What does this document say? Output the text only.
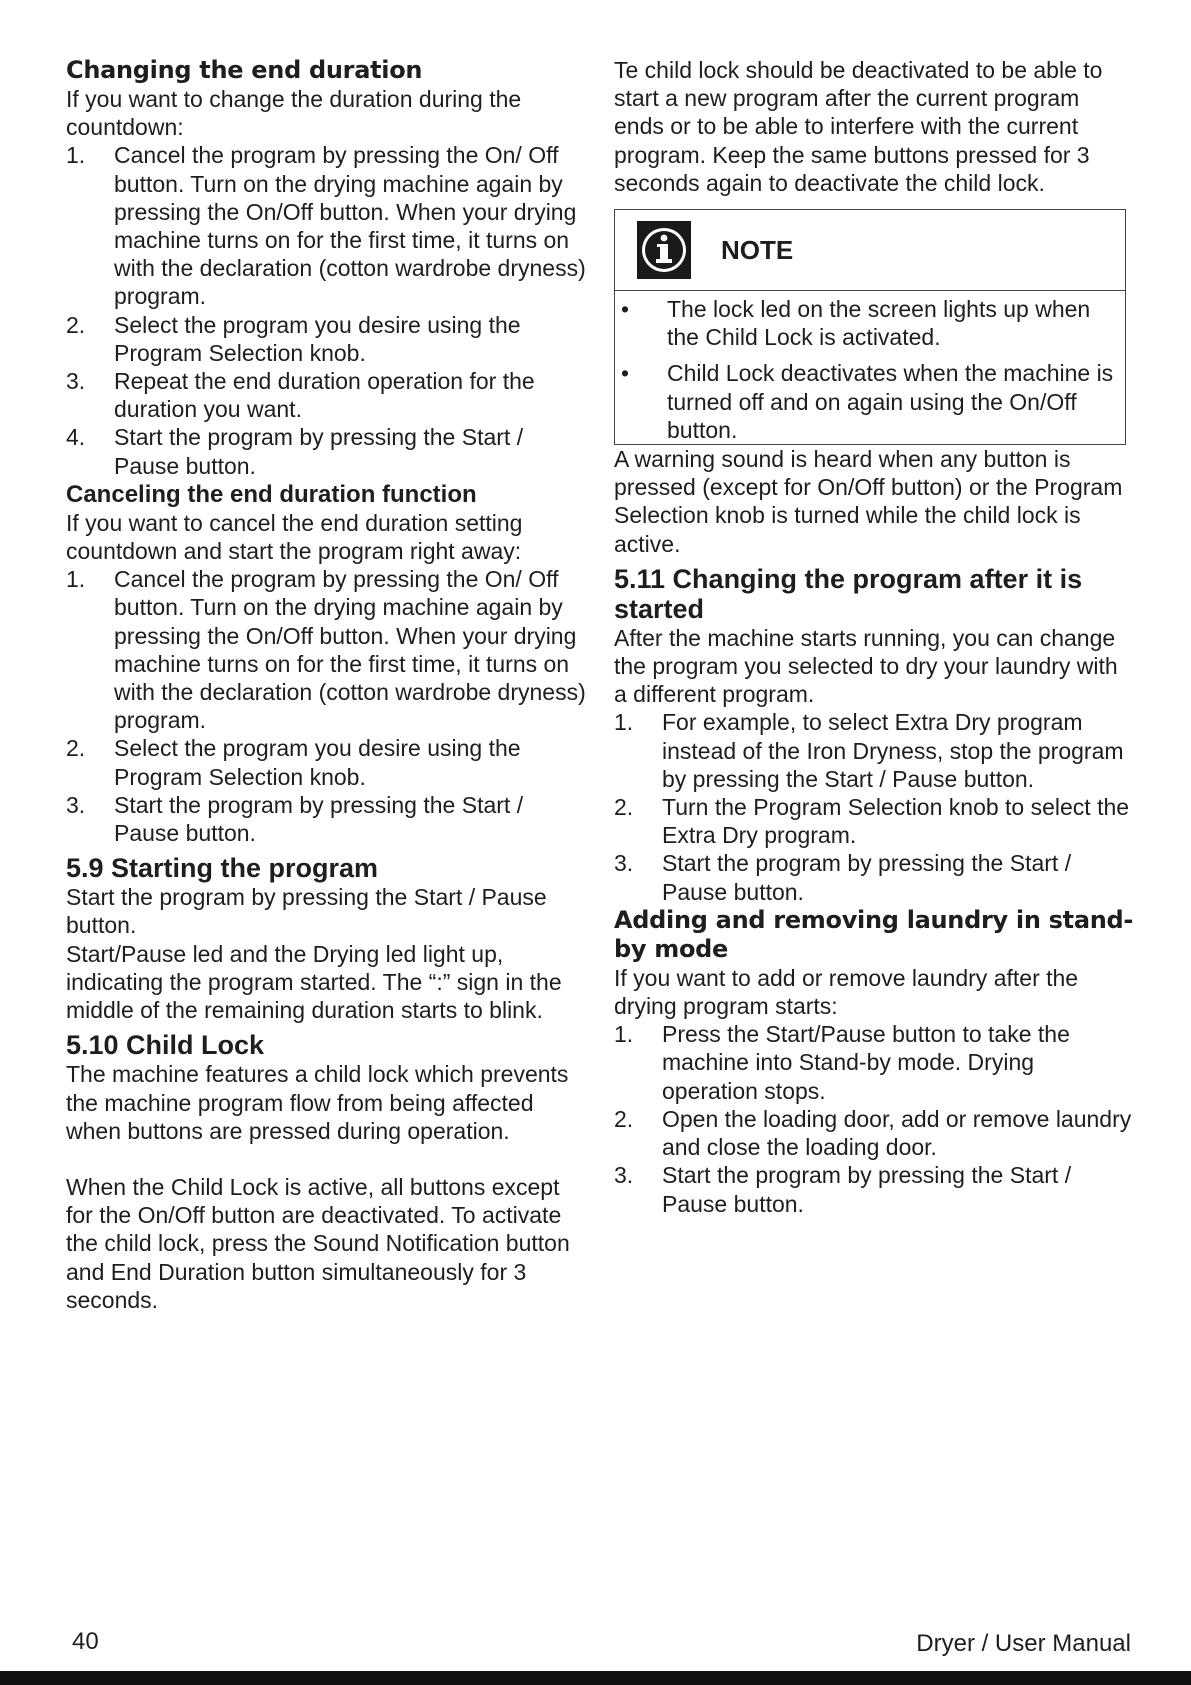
Changing the end duration

If you want to change the duration during the countdown:

1. Cancel the program by pressing the On/ Off button. Turn on the drying machine again by pressing the On/Off button. When your drying machine turns on for the first time, it turns on with the declaration (cotton wardrobe dryness) program.
2. Select the program you desire using the Program Selection knob.
3. Repeat the end duration operation for the duration you want.
4. Start the program by pressing the Start / Pause button.
Canceling the end duration function

If you want to cancel the end duration setting countdown and start the program right away:

1. Cancel the program by pressing the On/ Off button. Turn on the drying machine again by pressing the On/Off button. When your drying machine turns on for the first time, it turns on with the declaration (cotton wardrobe dryness) program.
2. Select the program you desire using the Program Selection knob.
3. Start the program by pressing the Start / Pause button.
5.9 Starting the program

Start the program by pressing the Start / Pause button.

Start/Pause led and the Drying led light up, indicating the program started. The “:” sign in the middle of the remaining duration starts to blink.

5.10 Child Lock

The machine features a child lock which prevents the machine program flow from being affected when buttons are pressed during operation.

When the Child Lock is active, all buttons except for the On/Off button are deactivated. To activate the child lock, press the Sound Notification button and End Duration button simultaneously for 3 seconds.

Te child lock should be deactivated to be able to start a new program after the current program ends or to be able to interfere with the current program. Keep the same buttons pressed for 3 seconds again to deactivate the child lock.

NOTE
• The lock led on the screen lights up when the Child Lock is activated.
• Child Lock deactivates when the machine is turned off and on again using the On/Off button.

A warning sound is heard when any button is pressed (except for On/Off button) or the Program Selection knob is turned while the child lock is active.

5.11 Changing the program after it is started

After the machine starts running, you can change the program you selected to dry your laundry with a different program.

1. For example, to select Extra Dry program instead of the Iron Dryness, stop the program by pressing the Start / Pause button.
2. Turn the Program Selection knob to select the Extra Dry program.
3. Start the program by pressing the Start / Pause button.
Adding and removing laundry in stand-by mode

If you want to add or remove laundry after the drying program starts:

1. Press the Start/Pause button to take the machine into Stand-by mode. Drying operation stops.
2. Open the loading door, add or remove laundry and close the loading door.
3. Start the program by pressing the Start / Pause button.
40	Dryer / User Manual
